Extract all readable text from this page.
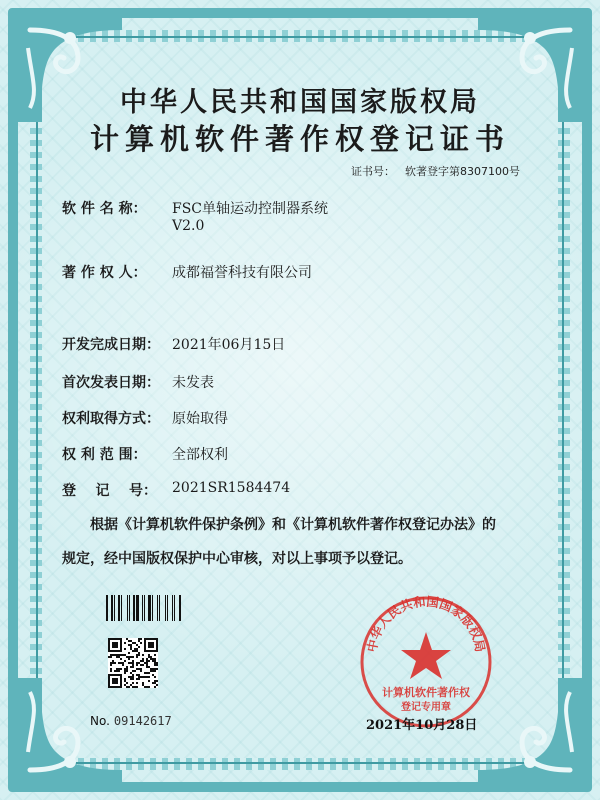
中华人民共和国国家版权局
计算机软件著作权登记证书
证书号： 软著登字第8307100号
软 件 名 称： FSC单轴运动控制器系统
V2.0
著 作 权 人： 成都福誉科技有限公司
开发完成日期： 2021年06月15日
首次发表日期： 未发表
权利取得方式： 原始取得
权 利 范 围： 全部权利
登    记    号： 2021SR1584474
根据《计算机软件保护条例》和《计算机软件著作权登记办法》的
规定，经中国版权保护中心审核，对以上事项予以登记。
No. 09142617
中华人民共和国国家版权局
计算机软件著作权
登记专用章
2021年10月28日
